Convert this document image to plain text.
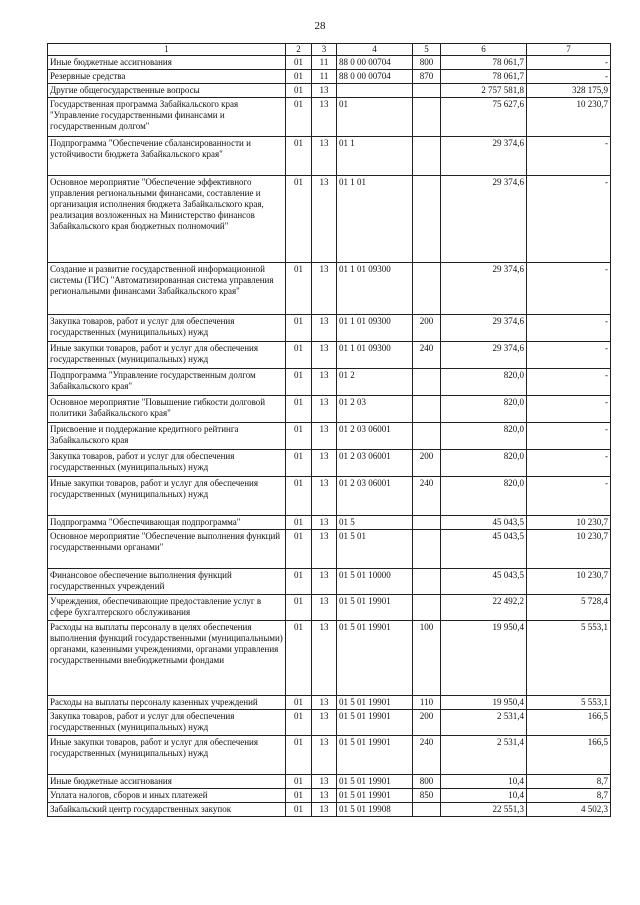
28
1	2	3	4	5	6	7
Иные бюджетные ассигнования	01	11	88 0 00 00704	800	78 061,7	-
Резервные средства	01	11	88 0 00 00704	870	78 061,7	-
Другие общегосударственные вопросы	01	13			2 757 581,8	328 175,9
Государственная программа Забайкальского края "Управление государственными финансами и государственным долгом"	01	13	01		75 627,6	10 230,7
Подпрограмма "Обеспечение сбалансированности и устойчивости бюджета Забайкальского края"	01	13	01 1		29 374,6	-
Основное мероприятие "Обеспечение эффективного управления региональными финансами, составление и организация исполнения бюджета Забайкальского края, реализация возложенных на Министерство финансов Забайкальского края бюджетных полномочий"	01	13	01 1 01		29 374,6	-
Создание и развитие государственной информационной системы (ГИС) "Автоматизированная система управления региональными финансами Забайкальского края"	01	13	01 1 01 09300		29 374,6	-
Закупка товаров, работ и услуг для обеспечения государственных (муниципальных) нужд	01	13	01 1 01 09300	200	29 374,6	-
Иные закупки товаров, работ и услуг для обеспечения государственных (муниципальных) нужд	01	13	01 1 01 09300	240	29 374,6	-
Подпрограмма "Управление государственным долгом Забайкальского края"	01	13	01 2		820,0	-
Основное мероприятие "Повышение гибкости долговой политики Забайкальского края"	01	13	01 2 03		820,0	-
Присвоение и поддержание кредитного рейтинга Забайкальского края	01	13	01 2 03 06001		820,0	-
Закупка товаров, работ и услуг для обеспечения государственных (муниципальных) нужд	01	13	01 2 03 06001	200	820,0	-
Иные закупки товаров, работ и услуг для обеспечения государственных (муниципальных) нужд	01	13	01 2 03 06001	240	820,0	-
Подпрограмма "Обеспечивающая подпрограмма"	01	13	01 5		45 043,5	10 230,7
Основное мероприятие "Обеспечение выполнения функций государственными органами"	01	13	01 5 01		45 043,5	10 230,7
Финансовое обеспечение выполнения функций государственных учреждений	01	13	01 5 01 10000		45 043,5	10 230,7
Учреждения, обеспечивающие предоставление услуг в сфере бухгалтерского обслуживания	01	13	01 5 01 19901		22 492,2	5 728,4
Расходы на выплаты персоналу в целях обеспечения выполнения функций государственными (муниципальными) органами, казенными учреждениями, органами управления государственными внебюджетными фондами	01	13	01 5 01 19901	100	19 950,4	5 553,1
Расходы на выплаты персоналу казенных учреждений	01	13	01 5 01 19901	110	19 950,4	5 553,1
Закупка товаров, работ и услуг для обеспечения государственных (муниципальных) нужд	01	13	01 5 01 19901	200	2 531,4	166,5
Иные закупки товаров, работ и услуг для обеспечения государственных (муниципальных) нужд	01	13	01 5 01 19901	240	2 531,4	166,5
Иные бюджетные ассигнования	01	13	01 5 01 19901	800	10,4	8,7
Уплата налогов, сборов и иных платежей	01	13	01 5 01 19901	850	10,4	8,7
Забайкальский центр государственных закупок	01	13	01 5 01 19908		22 551,3	4 502,3
